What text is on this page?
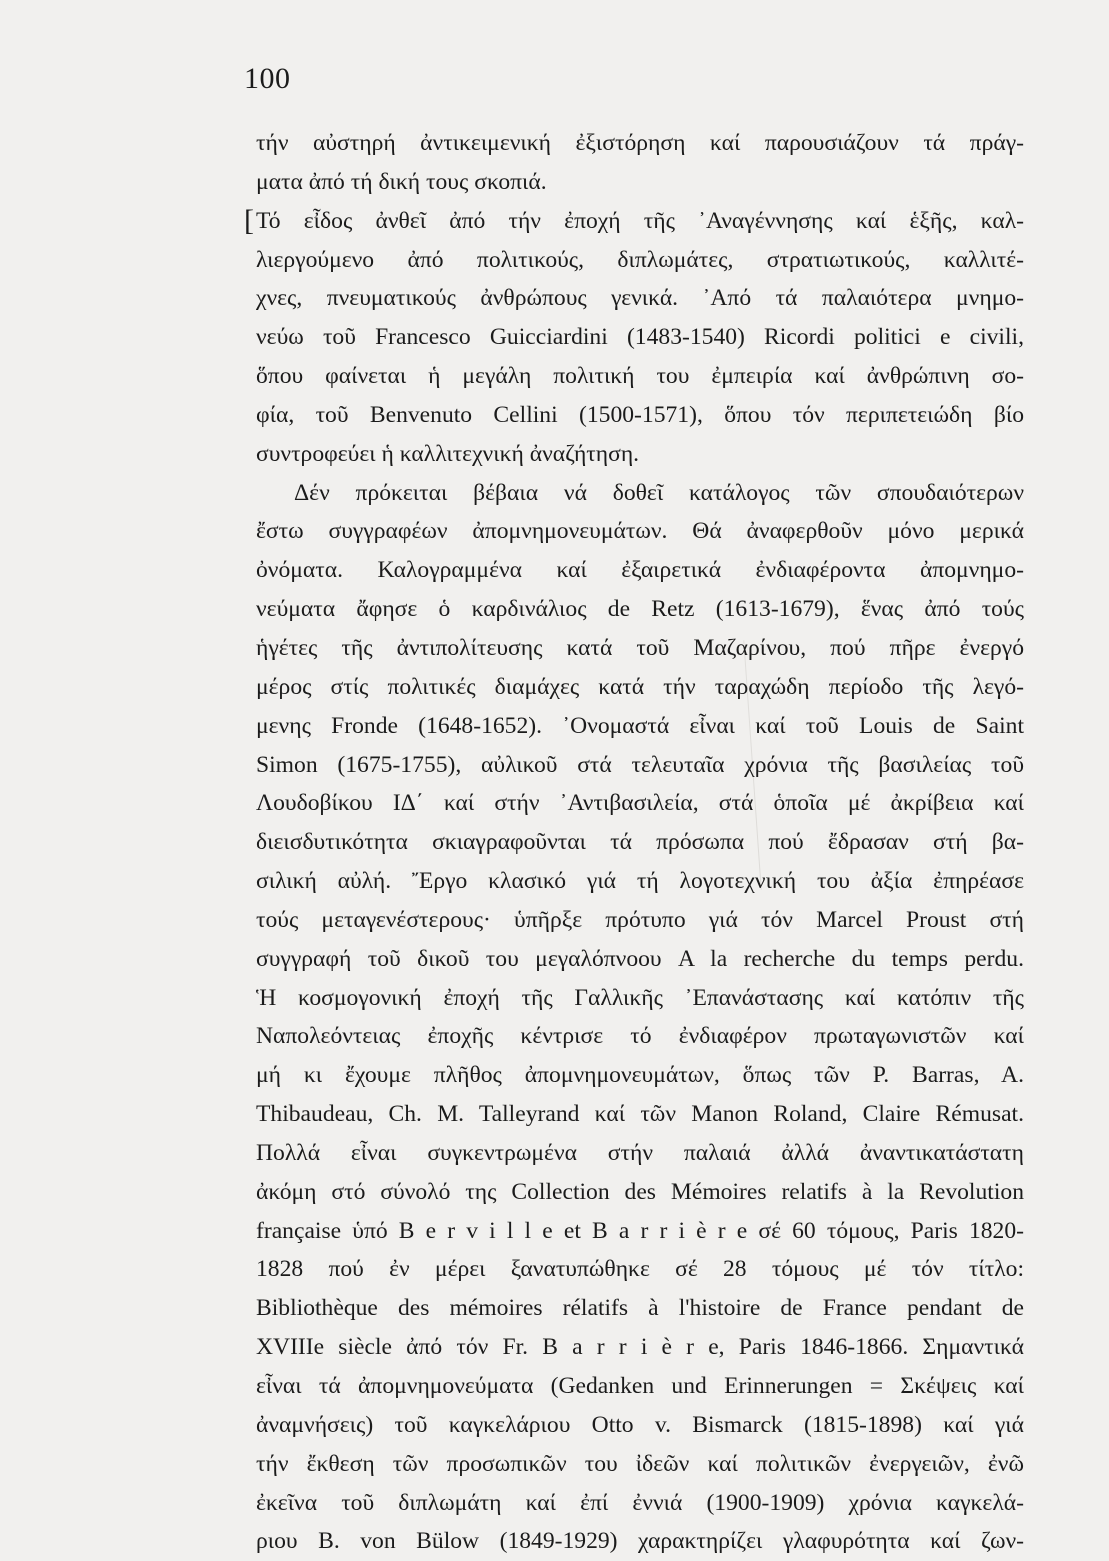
100
τήν αὐστηρή ἀντικειμενική ἐξιστόρηση καί παρουσιάζουν τά πράγ-
ματα ἀπό τή δική τους σκοπιά.
[ Τό εἶδος ἀνθεῖ ἀπό τήν ἐποχή τῆς ᾿Αναγέννησης καί ἑξῆς, καλ-
λιεργούμενο ἀπό πολιτικούς, διπλωμάτες, στρατιωτικούς, καλλιτέ-
χνες, πνευματικούς ἀνθρώπους γενικά. ᾿Από τά παλαιότερα μνημο-
νεύω τοῦ Francesco Guicciardini (1483-1540) Ricordi politici e civili,
ὅπου φαίνεται ἡ μεγάλη πολιτική του ἐμπειρία καί ἀνθρώπινη σο-
φία, τοῦ Benvenuto Cellini (1500-1571), ὅπου τόν περιπετειώδη βίο
συντροφεύει ἡ καλλιτεχνική ἀναζήτηση.
Δέν πρόκειται βέβαια νά δοθεῖ κατάλογος τῶν σπουδαιότερων
ἔστω συγγραφέων ἀπομνημονευμάτων. Θά ἀναφερθοῦν μόνο μερικά
ὀνόματα. Καλογραμμένα καί ἐξαιρετικά ἐνδιαφέροντα ἀπομνημο-
νεύματα ἄφησε ὁ καρδινάλιος de Retz (1613-1679), ἕνας ἀπό τούς
ἡγέτες τῆς ἀντιπολίτευσης κατά τοῦ Μαζαρίνου, πού πῆρε ἐνεργό
μέρος στίς πολιτικές διαμάχες κατά τήν ταραχώδη περίοδο τῆς λεγό-
μενης Fronde (1648-1652). ᾿Ονομαστά εἶναι καί τοῦ Louis de Saint
Simon (1675-1755), αὐλικοῦ στά τελευταῖα χρόνια τῆς βασιλείας τοῦ
Λουδοβίκου ΙΔ΄ καί στήν ᾿Αντιβασιλεία, στά ὁποῖα μέ ἀκρίβεια καί
διεισδυτικότητα σκιαγραφοῦνται τά πρόσωπα πού ἔδρασαν στή βα-
σιλική αὐλή. Ἔργο κλασικό γιά τή λογοτεχνική του ἀξία ἐπηρέασε
τούς μεταγενέστερους· ὑπῆρξε πρότυπο γιά τόν Marcel Proust στή
συγγραφή τοῦ δικοῦ του μεγαλόπνοου A la recherche du temps perdu.
Ἡ κοσμογονική ἐποχή τῆς Γαλλικῆς ᾿Επανάστασης καί κατόπιν τῆς
Ναπολεόντειας ἐποχῆς κέντρισε τό ἐνδιαφέρον πρωταγωνιστῶν καί
μή κι ἔχουμε πλῆθος ἀπομνημονευμάτων, ὅπως τῶν P. Barras, A.
Thibaudeau, Ch. M. Talleyrand καί τῶν Manon Roland, Claire Rémusat.
Πολλά εἶναι συγκεντρωμένα στήν παλαιά ἀλλά ἀναντικατάστατη
ἀκόμη στό σύνολό της Collection des Mémoires relatifs à la Revolution
française ὑπό B e r v i l l e et B a r r i è r e σέ 60 τόμους, Paris 1820-
1828 πού ἐν μέρει ξανατυπώθηκε σέ 28 τόμους μέ τόν τίτλο:
Bibliothèque des mémoires rélatifs à l'histoire de France pendant de
XVIIIe siècle ἀπό τόν Fr. B a r r i è r e, Paris 1846-1866. Σημαντικά
εἶναι τά ἀπομνημονεύματα (Gedanken und Erinnerungen = Σκέψεις καί
ἀναμνήσεις) τοῦ καγκελάριου Otto v. Bismarck (1815-1898) καί γιά
τήν ἔκθεση τῶν προσωπικῶν του ἰδεῶν καί πολιτικῶν ἐνεργειῶν, ἐνῶ
ἐκεῖνα τοῦ διπλωμάτη καί ἐπί ἐννιά (1900-1909) χρόνια καγκελά-
ριου B. von Bülow (1849-1929) χαρακτηρίζει γλαφυρότητα καί ζων-
